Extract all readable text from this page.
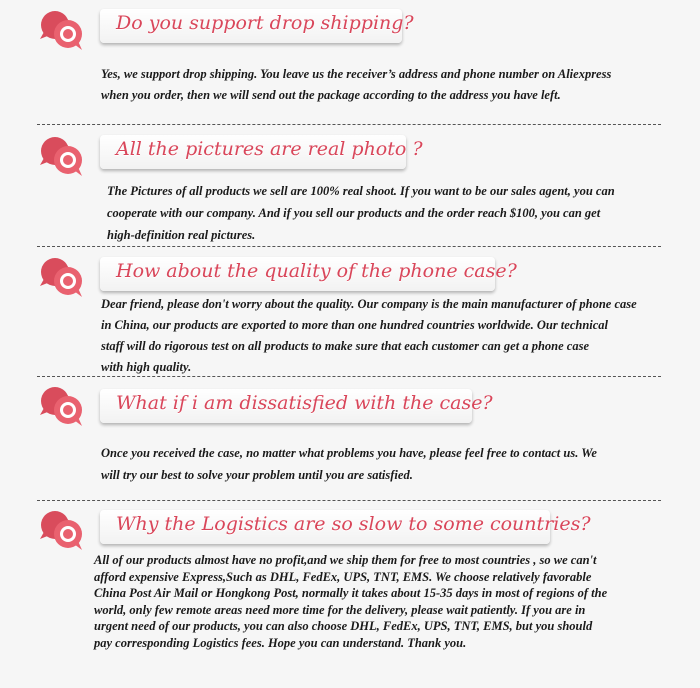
Do you support drop shipping?
Yes, we support drop shipping. You leave us the receiver’s address and phone number on Aliexpress
when you order, then we will send out the package according to the address you have left.
All the pictures are real photo ?
The Pictures of all products we sell are 100% real shoot. If you want to be our sales agent, you can
cooperate with our company. And if you sell our products and the order reach $100, you can get
high-definition real pictures.
How about the quality of the phone case?
Dear friend, please don't worry about the quality. Our company is the main manufacturer of phone case
in China, our products are exported to more than one hundred countries worldwide. Our technical
staff will do rigorous test on all products to make sure that each customer can get a phone case
with high quality.
What if i am dissatisfied with the case?
Once you received the case, no matter what problems you have, please feel free to contact us. We
will try our best to solve your problem until you are satisfied.
Why the Logistics are so slow to some countries?
All of our products almost have no profit,and we ship them for free to most countries , so we can't
afford expensive Express,Such as DHL, FedEx, UPS, TNT, EMS. We choose relatively favorable
China Post Air Mail or Hongkong Post, normally it takes about 15-35 days in most of regions of the
world, only few remote areas need more time for the delivery, please wait patiently. If you are in
urgent need of our products, you can also choose DHL, FedEx, UPS, TNT, EMS, but you should
pay corresponding Logistics fees. Hope you can understand. Thank you.
